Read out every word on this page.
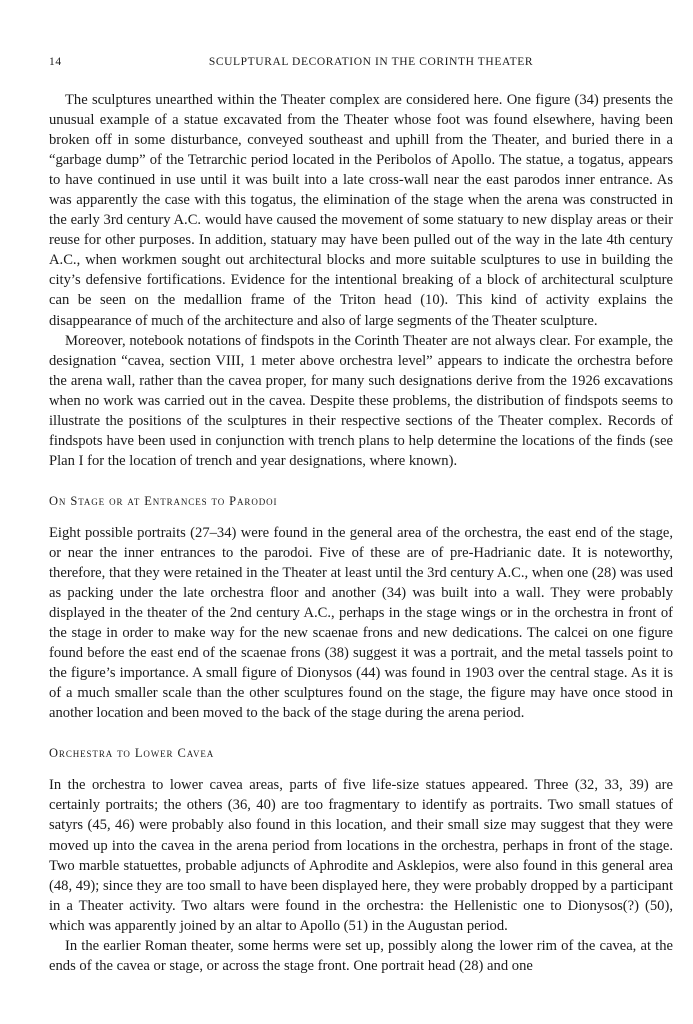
14	SCULPTURAL DECORATION IN THE CORINTH THEATER

The sculptures unearthed within the Theater complex are considered here. One figure (34) presents the unusual example of a statue excavated from the Theater whose foot was found elsewhere, having been broken off in some disturbance, conveyed southeast and uphill from the Theater, and buried there in a “garbage dump” of the Tetrarchic period located in the Peribolos of Apollo. The statue, a togatus, appears to have continued in use until it was built into a late cross-wall near the east parodos inner entrance. As was apparently the case with this togatus, the elimination of the stage when the arena was constructed in the early 3rd century A.C. would have caused the movement of some statuary to new display areas or their reuse for other purposes. In addition, statuary may have been pulled out of the way in the late 4th century A.C., when workmen sought out architectural blocks and more suitable sculptures to use in building the city’s defensive fortifications. Evidence for the intentional breaking of a block of architectural sculpture can be seen on the medallion frame of the Triton head (10). This kind of activity explains the disappearance of much of the architecture and also of large segments of the Theater sculpture.

Moreover, notebook notations of findspots in the Corinth Theater are not always clear. For example, the designation “cavea, section VIII, 1 meter above orchestra level” appears to indicate the orchestra before the arena wall, rather than the cavea proper, for many such designations derive from the 1926 excavations when no work was carried out in the cavea. Despite these problems, the distribution of findspots seems to illustrate the positions of the sculptures in their respective sections of the Theater complex. Records of findspots have been used in conjunction with trench plans to help determine the locations of the finds (see Plan I for the location of trench and year designations, where known).

On Stage or at Entrances to Parodoi

Eight possible portraits (27–34) were found in the general area of the orchestra, the east end of the stage, or near the inner entrances to the parodoi. Five of these are of pre-Hadrianic date. It is noteworthy, therefore, that they were retained in the Theater at least until the 3rd century A.C., when one (28) was used as packing under the late orchestra floor and another (34) was built into a wall. They were probably displayed in the theater of the 2nd century A.C., perhaps in the stage wings or in the orchestra in front of the stage in order to make way for the new scaenae frons and new dedications. The calcei on one figure found before the east end of the scaenae frons (38) suggest it was a portrait, and the metal tassels point to the figure’s importance. A small figure of Dionysos (44) was found in 1903 over the central stage. As it is of a much smaller scale than the other sculptures found on the stage, the figure may have once stood in another location and been moved to the back of the stage during the arena period.

Orchestra to Lower Cavea

In the orchestra to lower cavea areas, parts of five life-size statues appeared. Three (32, 33, 39) are certainly portraits; the others (36, 40) are too fragmentary to identify as portraits. Two small statues of satyrs (45, 46) were probably also found in this location, and their small size may suggest that they were moved up into the cavea in the arena period from locations in the orchestra, perhaps in front of the stage. Two marble statuettes, probable adjuncts of Aphrodite and Asklepios, were also found in this general area (48, 49); since they are too small to have been displayed here, they were probably dropped by a participant in a Theater activity. Two altars were found in the orchestra: the Hellenistic one to Dionysos(?) (50), which was apparently joined by an altar to Apollo (51) in the Augustan period.

In the earlier Roman theater, some herms were set up, possibly along the lower rim of the cavea, at the ends of the cavea or stage, or across the stage front. One portrait head (28) and one
